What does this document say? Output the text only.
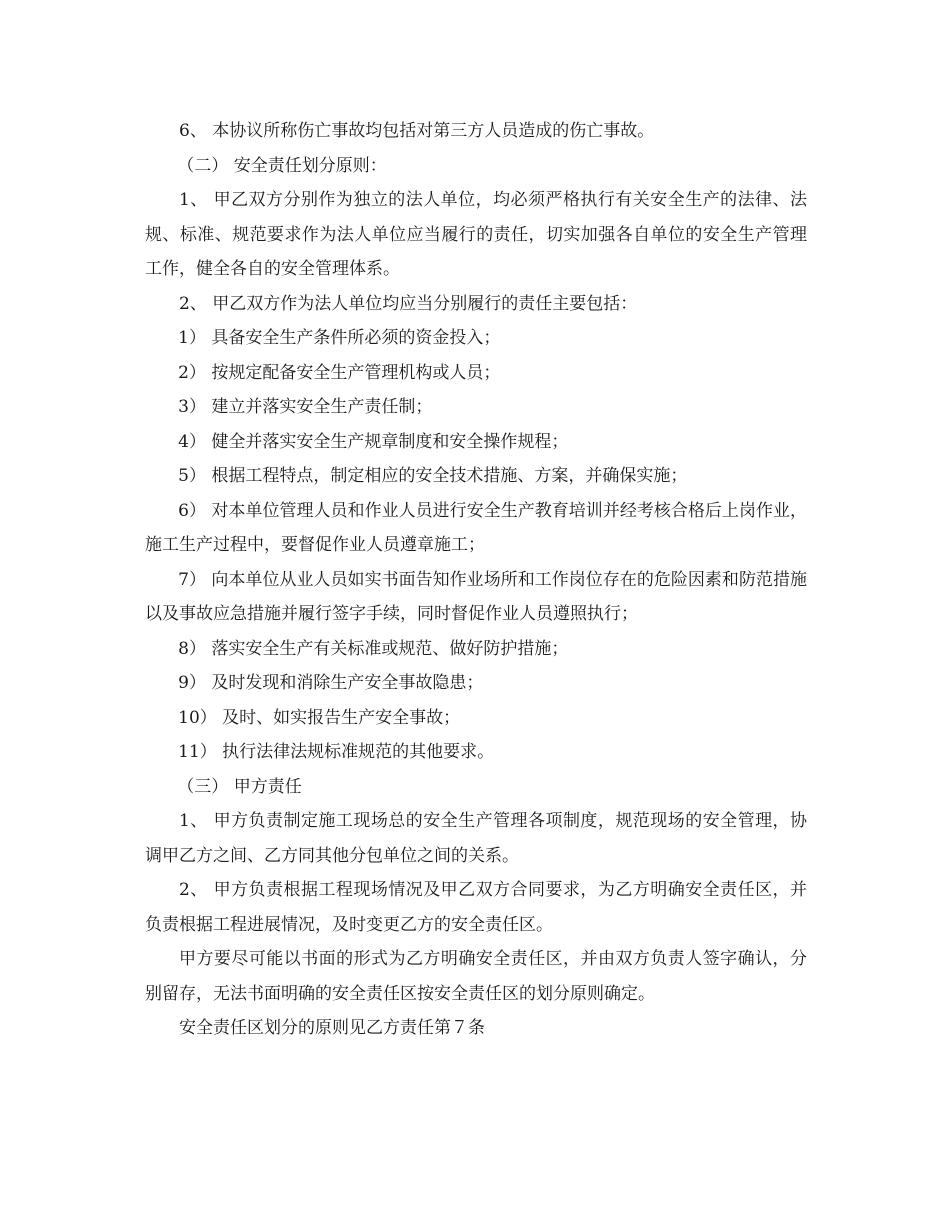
6、 本协议所称伤亡事故均包括对第三方人员造成的伤亡事故。

（二） 安全责任划分原则：

1、 甲乙双方分别作为独立的法人单位，均必须严格执行有关安全生产的法律、法规、标准、规范要求作为法人单位应当履行的责任，切实加强各自单位的安全生产管理工作，健全各自的安全管理体系。

2、 甲乙双方作为法人单位均应当分别履行的责任主要包括：

1） 具备安全生产条件所必须的资金投入；

2） 按规定配备安全生产管理机构或人员；

3） 建立并落实安全生产责任制；

4） 健全并落实安全生产规章制度和安全操作规程；

5） 根据工程特点，制定相应的安全技术措施、方案，并确保实施；

6） 对本单位管理人员和作业人员进行安全生产教育培训并经考核合格后上岗作业，施工生产过程中，要督促作业人员遵章施工；

7） 向本单位从业人员如实书面告知作业场所和工作岗位存在的危险因素和防范措施以及事故应急措施并履行签字手续，同时督促作业人员遵照执行；

8） 落实安全生产有关标准或规范、做好防护措施；

9） 及时发现和消除生产安全事故隐患；

10） 及时、如实报告生产安全事故；

11） 执行法律法规标准规范的其他要求。

（三） 甲方责任

1、 甲方负责制定施工现场总的安全生产管理各项制度，规范现场的安全管理，协调甲乙方之间、乙方同其他分包单位之间的关系。

2、 甲方负责根据工程现场情况及甲乙双方合同要求，为乙方明确安全责任区，并负责根据工程进展情况，及时变更乙方的安全责任区。

甲方要尽可能以书面的形式为乙方明确安全责任区，并由双方负责人签字确认，分别留存，无法书面明确的安全责任区按安全责任区的划分原则确定。

安全责任区划分的原则见乙方责任第７条
